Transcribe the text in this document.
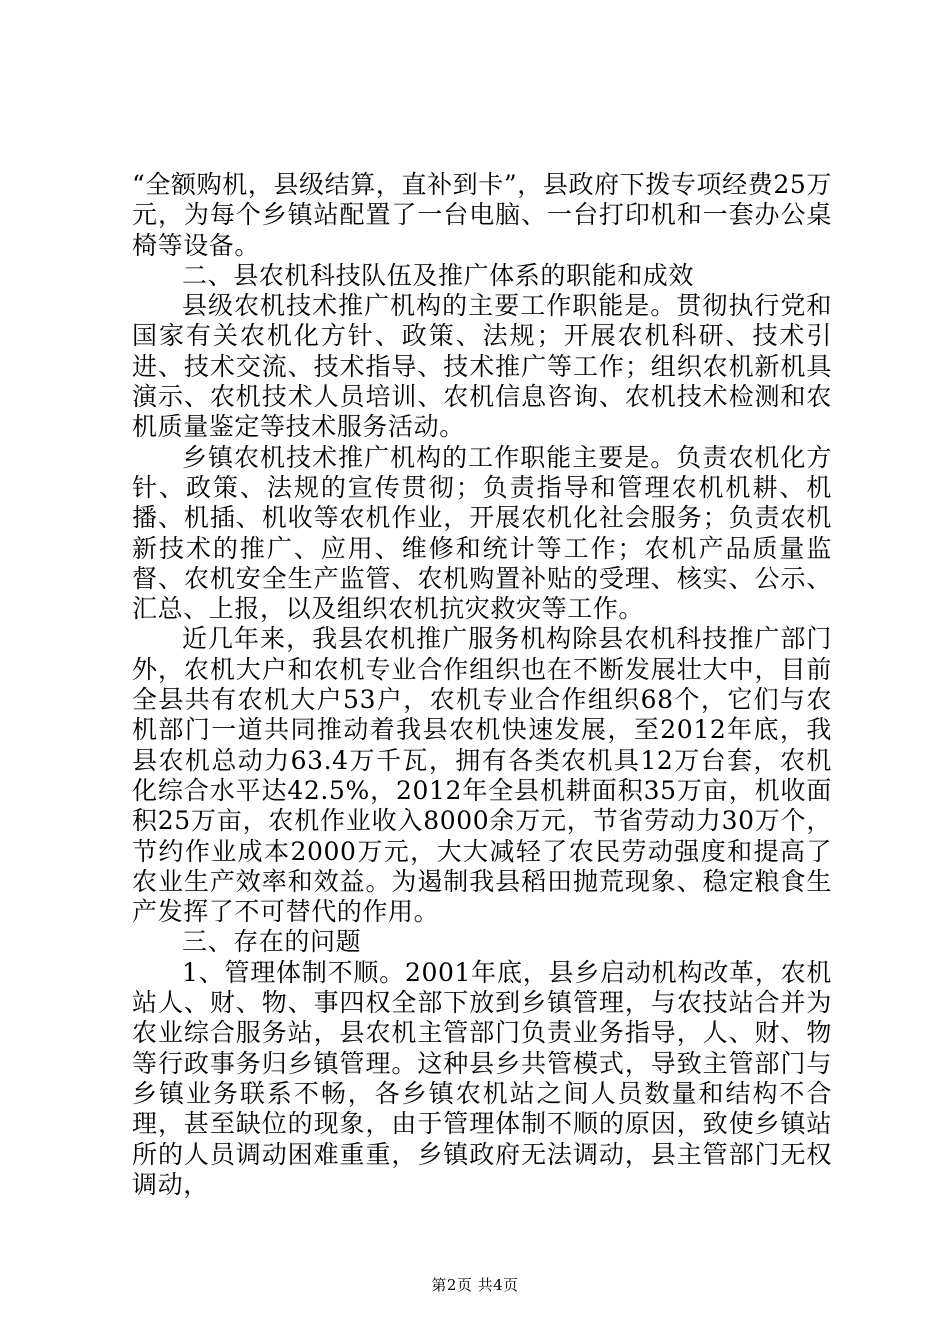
“全额购机，县级结算，直补到卡”，县政府下拨专项经费25万元，为每个乡镇站配置了一台电脑、一台打印机和一套办公桌椅等设备。

二、县农机科技队伍及推广体系的职能和成效

县级农机技术推广机构的主要工作职能是。贯彻执行党和国家有关农机化方针、政策、法规；开展农机科研、技术引进、技术交流、技术指导、技术推广等工作；组织农机新机具演示、农机技术人员培训、农机信息咨询、农机技术检测和农机质量鉴定等技术服务活动。

乡镇农机技术推广机构的工作职能主要是。负责农机化方针、政策、法规的宣传贯彻；负责指导和管理农机机耕、机播、机插、机收等农机作业，开展农机化社会服务；负责农机新技术的推广、应用、维修和统计等工作；农机产品质量监督、农机安全生产监管、农机购置补贴的受理、核实、公示、汇总、上报，以及组织农机抗灾救灾等工作。

近几年来，我县农机推广服务机构除县农机科技推广部门外，农机大户和农机专业合作组织也在不断发展壮大中，目前全县共有农机大户53户，农机专业合作组织68个，它们与农机部门一道共同推动着我县农机快速发展，至2012年底，我县农机总动力63.4万千瓦，拥有各类农机具12万台套，农机化综合水平达42.5%，2012年全县机耕面积35万亩，机收面积25万亩，农机作业收入8000余万元，节省劳动力30万个，节约作业成本2000万元，大大减轻了农民劳动强度和提高了农业生产效率和效益。为遏制我县稻田抛荒现象、稳定粮食生产发挥了不可替代的作用。

三、存在的问题

1、管理体制不顺。2001年底，县乡启动机构改革，农机站人、财、物、事四权全部下放到乡镇管理，与农技站合并为农业综合服务站，县农机主管部门负责业务指导，人、财、物等行政事务归乡镇管理。这种县乡共管模式，导致主管部门与乡镇业务联系不畅，各乡镇农机站之间人员数量和结构不合理，甚至缺位的现象，由于管理体制不顺的原因，致使乡镇站所的人员调动困难重重，乡镇政府无法调动，县主管部门无权调动，

第2页 共4页
